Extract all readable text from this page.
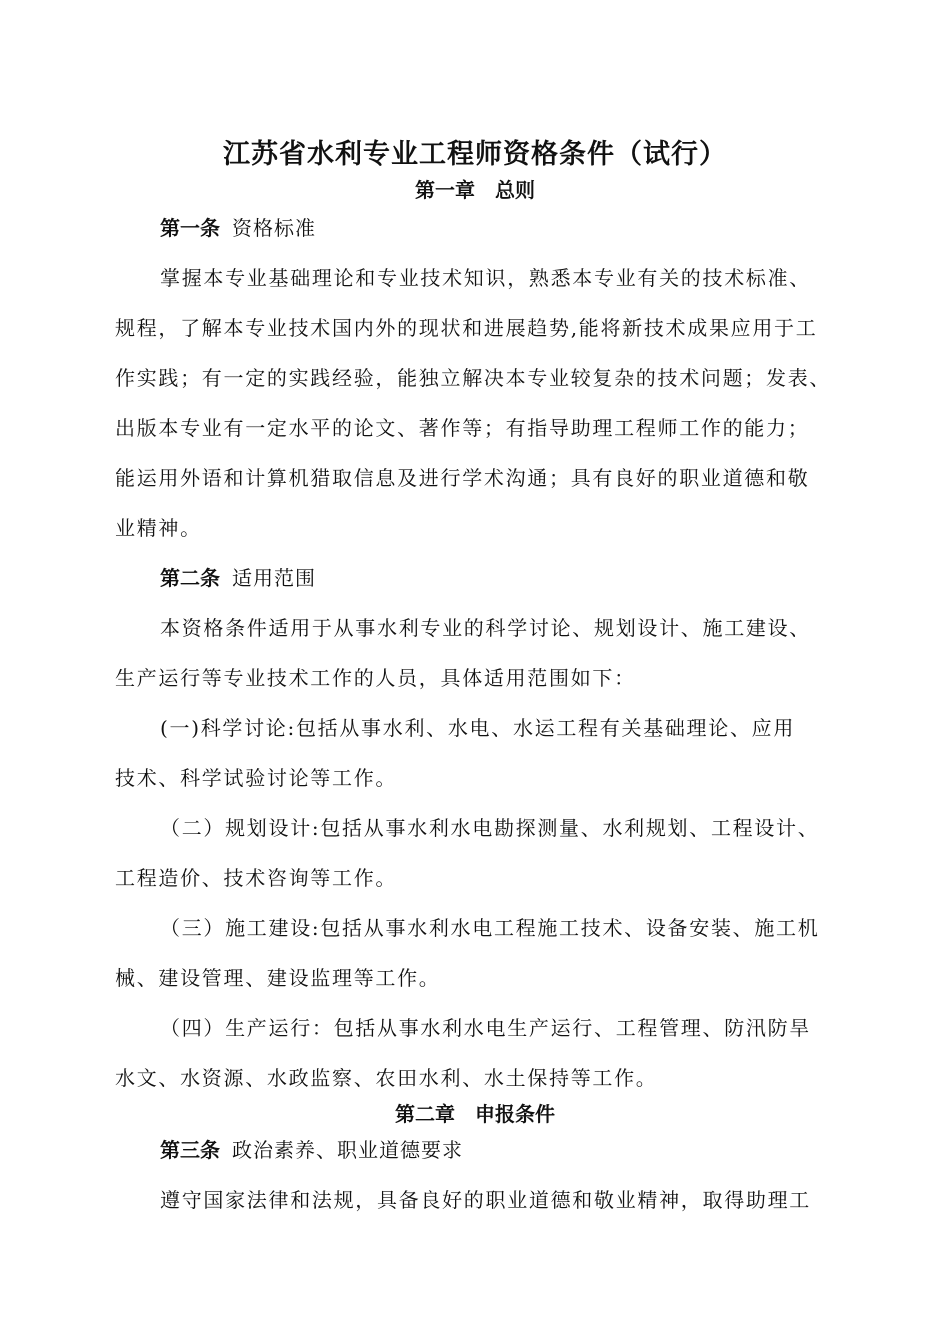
江苏省水利专业工程师资格条件（试行）
第一章　总则
第一条 资格标准
掌握本专业基础理论和专业技术知识，熟悉本专业有关的技术标准、
规程，了解本专业技术国内外的现状和进展趋势,能将新技术成果应用于工
作实践；有一定的实践经验，能独立解决本专业较复杂的技术问题；发表、
出版本专业有一定水平的论文、著作等；有指导助理工程师工作的能力；
能运用外语和计算机猎取信息及进行学术沟通；具有良好的职业道德和敬
业精神。
第二条 适用范围
本资格条件适用于从事水利专业的科学讨论、规划设计、施工建设、
生产运行等专业技术工作的人员，具体适用范围如下：
(一)科学讨论:包括从事水利、水电、水运工程有关基础理论、应用
技术、科学试验讨论等工作。
（二）规划设计:包括从事水利水电勘探测量、水利规划、工程设计、
工程造价、技术咨询等工作。
（三）施工建设:包括从事水利水电工程施工技术、设备安装、施工机
械、建设管理、建设监理等工作。
（四）生产运行：包括从事水利水电生产运行、工程管理、防汛防旱
水文、水资源、水政监察、农田水利、水土保持等工作。
第二章　申报条件
第三条 政治素养、职业道德要求
遵守国家法律和法规，具备良好的职业道德和敬业精神，取得助理工
